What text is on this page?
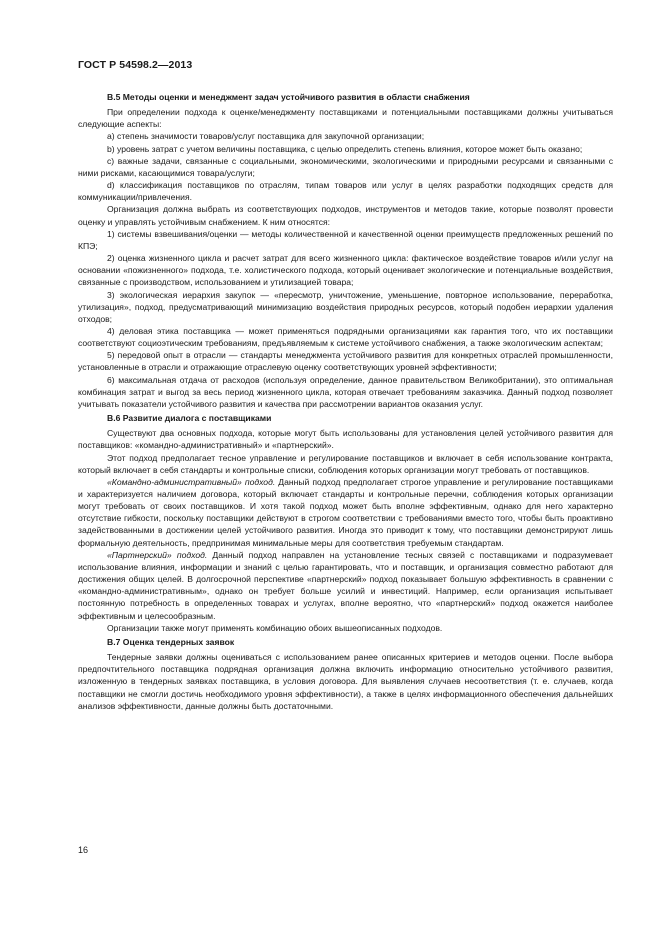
ГОСТ Р 54598.2—2013
В.5 Методы оценки и менеджмент задач устойчивого развития в области снабжения

При определении подхода к оценке/менеджменту поставщиками и потенциальными поставщиками должны учитываться следующие аспекты:

a) степень значимости товаров/услуг поставщика для закупочной организации;

b) уровень затрат с учетом величины поставщика, с целью определить степень влияния, которое может быть оказано;

c) важные задачи, связанные с социальными, экономическими, экологическими и природными ресурсами и связанными с ними рисками, касающимися товара/услуги;

d) классификация поставщиков по отраслям, типам товаров или услуг в целях разработки подходящих средств для коммуникации/привлечения.

Организация должна выбрать из соответствующих подходов, инструментов и методов такие, которые позволят провести оценку и управлять устойчивым снабжением. К ним относятся:

1) системы взвешивания/оценки — методы количественной и качественной оценки преимуществ предложенных решений по КПЭ;

2) оценка жизненного цикла и расчет затрат для всего жизненного цикла: фактическое воздействие товаров и/или услуг на основании «пожизненного» подхода, т.е. холистического подхода, который оценивает экологические и потенциальные воздействия, связанные с производством, использованием и утилизацией товара;

3) экологическая иерархия закупок — «пересмотр, уничтожение, уменьшение, повторное использование, переработка, утилизация», подход, предусматривающий минимизацию воздействия природных ресурсов, который подобен иерархии удаления отходов;

4) деловая этика поставщика — может применяться подрядными организациями как гарантия того, что их поставщики соответствуют социоэтическим требованиям, предъявляемым к системе устойчивого снабжения, а также экологическим аспектам;

5) передовой опыт в отрасли — стандарты менеджмента устойчивого развития для конкретных отраслей промышленности, установленные в отрасли и отражающие отраслевую оценку соответствующих уровней эффективности;

6) максимальная отдача от расходов (используя определение, данное правительством Великобритании), это оптимальная комбинация затрат и выгод за весь период жизненного цикла, которая отвечает требованиям заказчика. Данный подход позволяет учитывать показатели устойчивого развития и качества при рассмотрении вариантов оказания услуг.

В.6 Развитие диалога с поставщиками

Существуют два основных подхода, которые могут быть использованы для установления целей устойчивого развития для поставщиков: «командно-административный» и «партнерский».

Этот подход предполагает тесное управление и регулирование поставщиков и включает в себя использование контракта, который включает в себя стандарты и контрольные списки, соблюдения которых организации могут требовать от поставщиков.

«Командно-административный» подход. Данный подход предполагает строгое управление и регулирование поставщиками и характеризуется наличием договора, который включает стандарты и контрольные перечни, соблюдения которых организации могут требовать от своих поставщиков. И хотя такой подход может быть вполне эффективным, однако для него характерно отсутствие гибкости, поскольку поставщики действуют в строгом соответствии с требованиями вместо того, чтобы быть проактивно задействованными в достижении целей устойчивого развития. Иногда это приводит к тому, что поставщики демонстрируют лишь формальную деятельность, предпринимая минимальные меры для соответствия требуемым стандартам.

«Партнерский» подход. Данный подход направлен на установление тесных связей с поставщиками и подразумевает использование влияния, информации и знаний с целью гарантировать, что и поставщик, и организация совместно работают для достижения общих целей. В долгосрочной перспективе «партнерский» подход показывает большую эффективность в сравнении с «командно-административным», однако он требует больше усилий и инвестиций. Например, если организация испытывает постоянную потребность в определенных товарах и услугах, вполне вероятно, что «партнерский» подход окажется наиболее эффективным и целесообразным.

Организации также могут применять комбинацию обоих вышеописанных подходов.

В.7 Оценка тендерных заявок

Тендерные заявки должны оцениваться с использованием ранее описанных критериев и методов оценки. После выбора предпочтительного поставщика подрядная организация должна включить информацию относительно устойчивого развития, изложенную в тендерных заявках поставщика, в условия договора. Для выявления случаев несоответствия (т. е. случаев, когда поставщики не смогли достичь необходимого уровня эффективности), а также в целях информационного обеспечения дальнейших анализов эффективности, данные должны быть достаточными.

16
